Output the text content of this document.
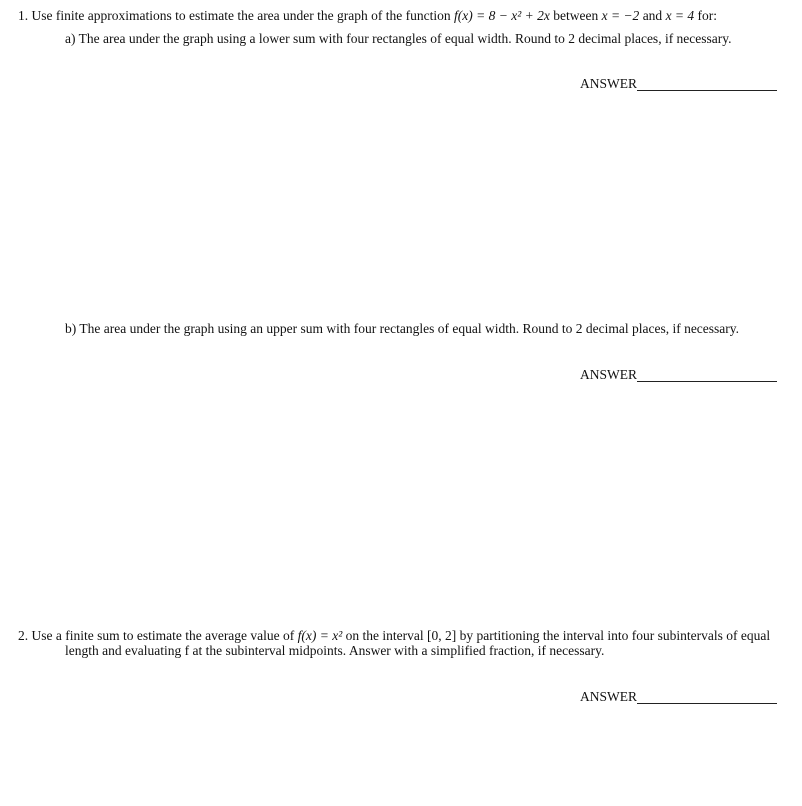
1. Use finite approximations to estimate the area under the graph of the function f(x) = 8 − x² + 2x between x = −2 and x = 4 for:
a) The area under the graph using a lower sum with four rectangles of equal width. Round to 2 decimal places, if necessary.
ANSWER
b) The area under the graph using an upper sum with four rectangles of equal width. Round to 2 decimal places, if necessary.
ANSWER
2. Use a finite sum to estimate the average value of f(x) = x² on the interval [0, 2] by partitioning the interval into four subintervals of equal
length and evaluating f at the subinterval midpoints. Answer with a simplified fraction, if necessary.
ANSWER
